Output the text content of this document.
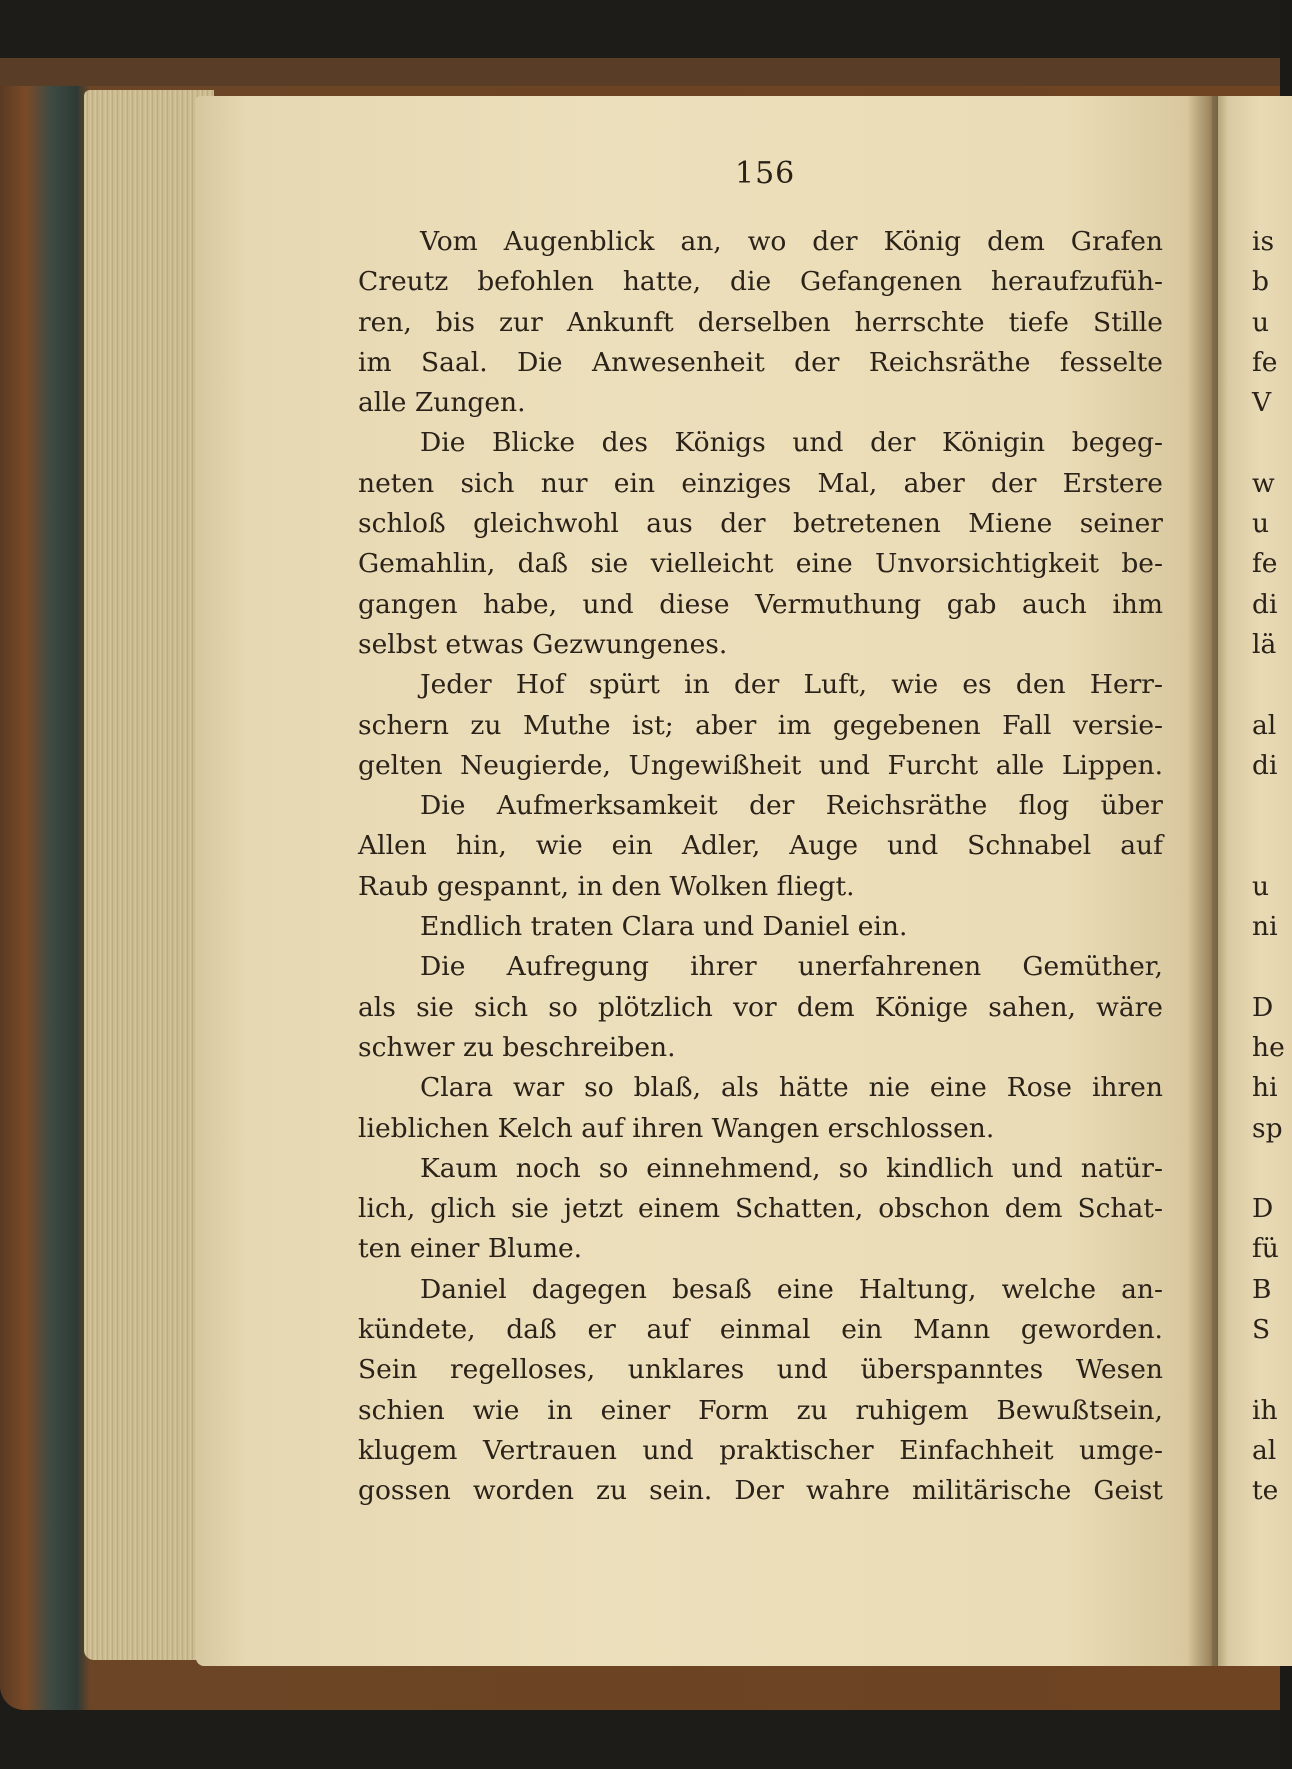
156
Vom Augenblick an, wo der König dem Grafen
Creutz befohlen hatte, die Gefangenen heraufzufüh-
ren, bis zur Ankunft derselben herrschte tiefe Stille
im Saal. Die Anwesenheit der Reichsräthe fesselte
alle Zungen.
Die Blicke des Königs und der Königin begeg-
neten sich nur ein einziges Mal, aber der Erstere
schloß gleichwohl aus der betretenen Miene seiner
Gemahlin, daß sie vielleicht eine Unvorsichtigkeit be-
gangen habe, und diese Vermuthung gab auch ihm
selbst etwas Gezwungenes.
Jeder Hof spürt in der Luft, wie es den Herr-
schern zu Muthe ist; aber im gegebenen Fall versie-
gelten Neugierde, Ungewißheit und Furcht alle Lippen.
Die Aufmerksamkeit der Reichsräthe flog über
Allen hin, wie ein Adler, Auge und Schnabel auf
Raub gespannt, in den Wolken fliegt.
Endlich traten Clara und Daniel ein.
Die Aufregung ihrer unerfahrenen Gemüther,
als sie sich so plötzlich vor dem Könige sahen, wäre
schwer zu beschreiben.
Clara war so blaß, als hätte nie eine Rose ihren
lieblichen Kelch auf ihren Wangen erschlossen.
Kaum noch so einnehmend, so kindlich und natür-
lich, glich sie jetzt einem Schatten, obschon dem Schat-
ten einer Blume.
Daniel dagegen besaß eine Haltung, welche an-
kündete, daß er auf einmal ein Mann geworden.
Sein regelloses, unklares und überspanntes Wesen
schien wie in einer Form zu ruhigem Bewußtsein,
klugem Vertrauen und praktischer Einfachheit umge-
gossen worden zu sein. Der wahre militärische Geist
is
b
u
fe
V
w
u
fe
di
lä
al
di
u
ni
D
he
hi
sp
D
fü
B
S
ih
al
te
